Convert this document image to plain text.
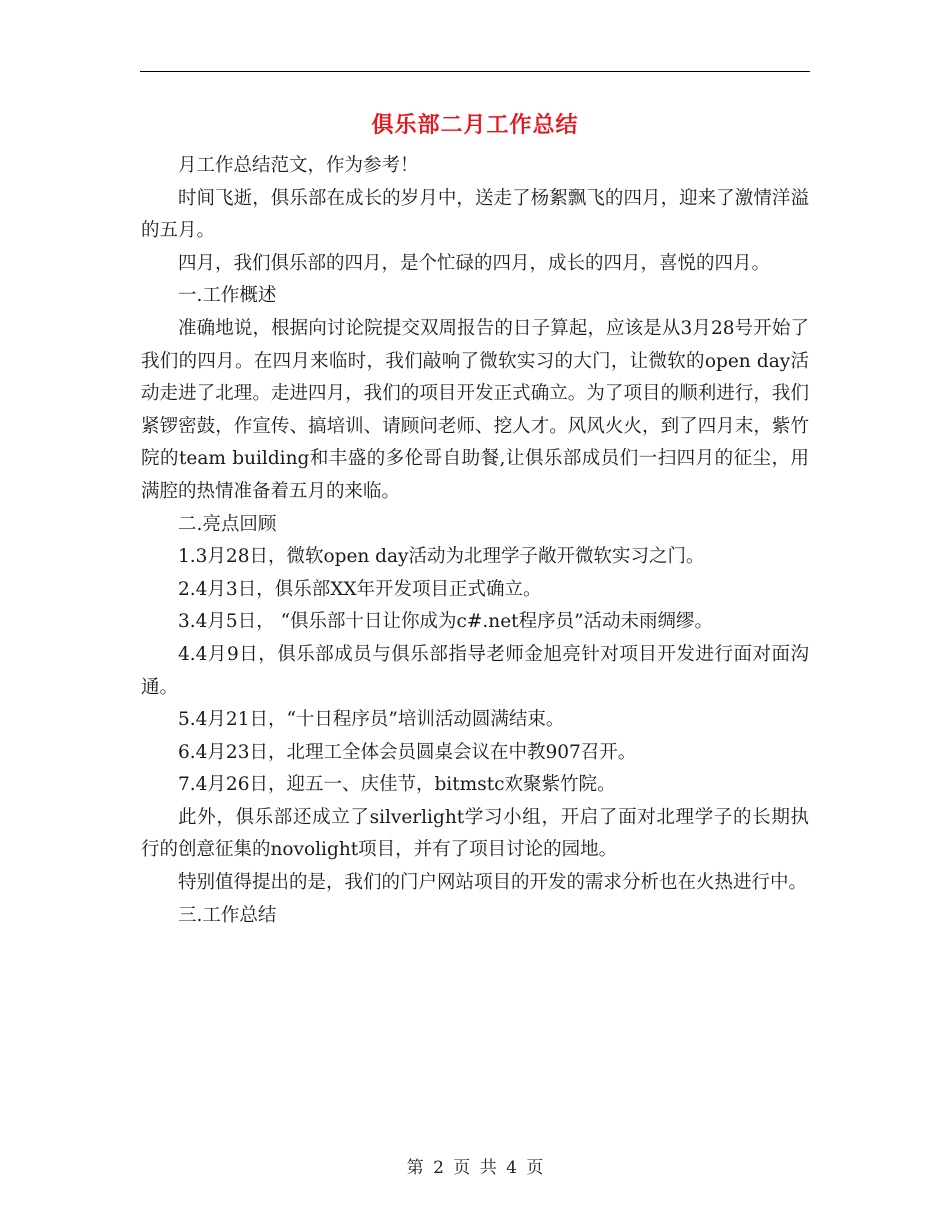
俱乐部二月工作总结

月工作总结范文，作为参考！

时间飞逝，俱乐部在成长的岁月中，送走了杨絮飘飞的四月，迎来了激情洋溢的五月。

四月，我们俱乐部的四月，是个忙碌的四月，成长的四月，喜悦的四月。

一.工作概述

准确地说，根据向讨论院提交双周报告的日子算起，应该是从3月28号开始了我们的四月。在四月来临时，我们敲响了微软实习的大门，让微软的open day活动走进了北理。走进四月，我们的项目开发正式确立。为了项目的顺利进行，我们紧锣密鼓，作宣传、搞培训、请顾问老师、挖人才。风风火火，到了四月末，紫竹院的team building和丰盛的多伦哥自助餐,让俱乐部成员们一扫四月的征尘，用满腔的热情准备着五月的来临。

二.亮点回顾

1.3月28日，微软open day活动为北理学子敞开微软实习之门。

2.4月3日，俱乐部XX年开发项目正式确立。

3.4月5日， “俱乐部十日让你成为c#.net程序员”活动未雨绸缪。

4.4月9日，俱乐部成员与俱乐部指导老师金旭亮针对项目开发进行面对面沟通。

5.4月21日，“十日程序员”培训活动圆满结束。

6.4月23日，北理工全体会员圆桌会议在中教907召开。

7.4月26日，迎五一、庆佳节，bitmstc欢聚紫竹院。

此外，俱乐部还成立了silverlight学习小组，开启了面对北理学子的长期执行的创意征集的novolight项目，并有了项目讨论的园地。

特别值得提出的是，我们的门户网站项目的开发的需求分析也在火热进行中。

三.工作总结

第 2 页 共 4 页
